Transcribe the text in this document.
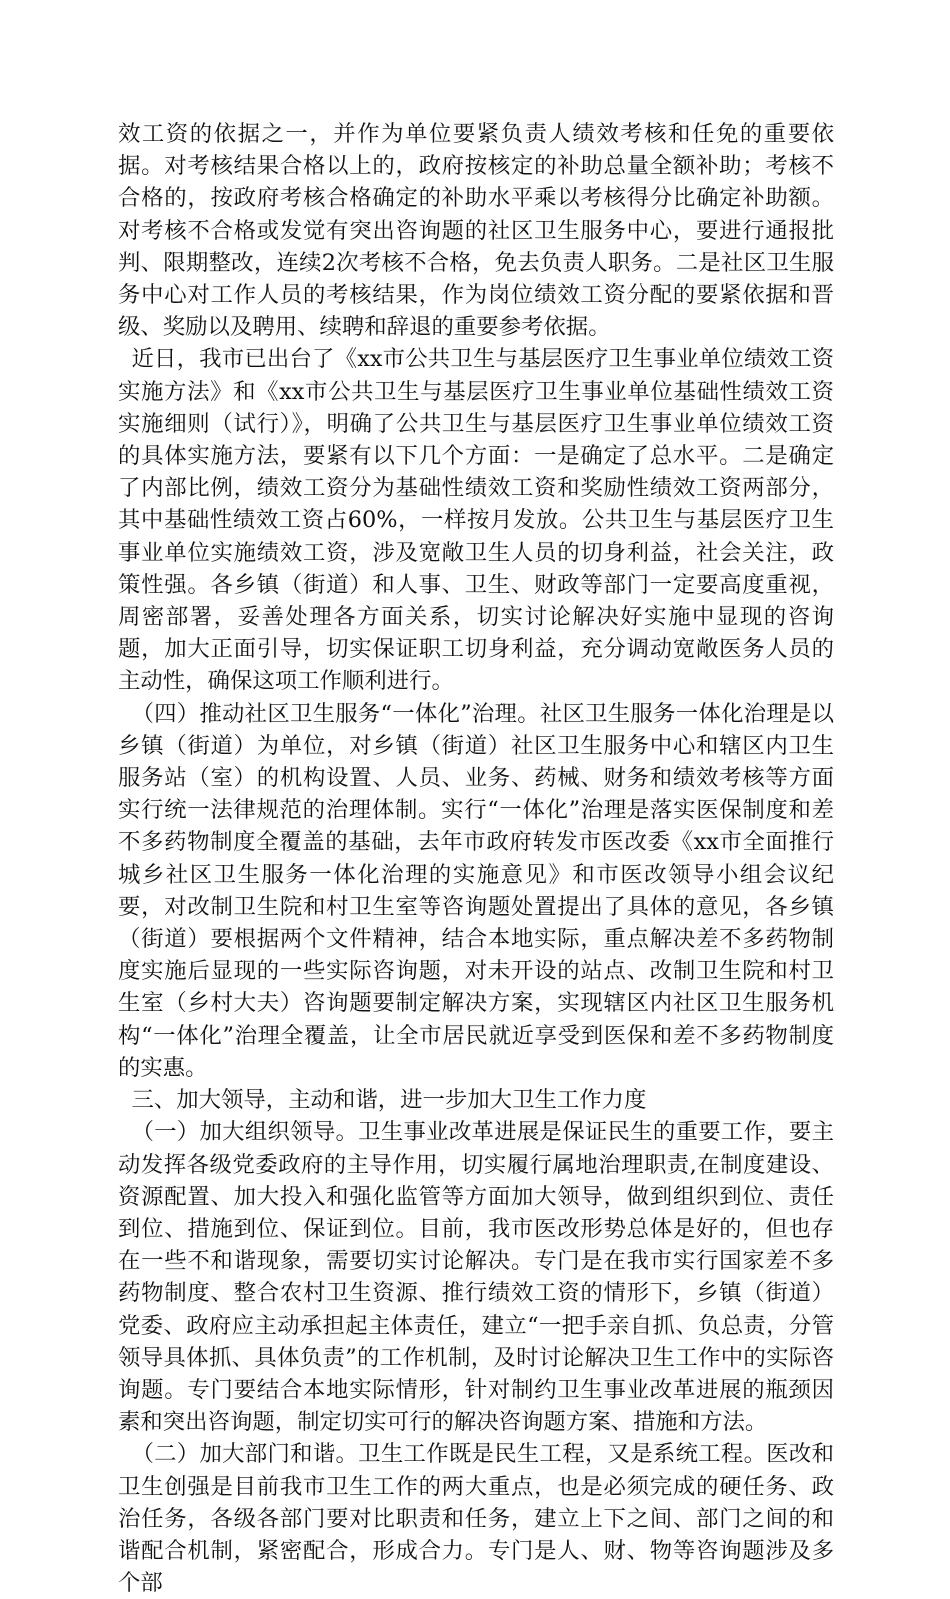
效工资的依据之一，并作为单位要紧负责人绩效考核和任免的重要依据。对考核结果合格以上的，政府按核定的补助总量全额补助；考核不合格的，按政府考核合格确定的补助水平乘以考核得分比确定补助额。对考核不合格或发觉有突出咨询题的社区卫生服务中心，要进行通报批判、限期整改，连续2次考核不合格，免去负责人职务。二是社区卫生服务中心对工作人员的考核结果，作为岗位绩效工资分配的要紧依据和晋级、奖励以及聘用、续聘和辞退的重要参考依据。

近日，我市已出台了《xx市公共卫生与基层医疗卫生事业单位绩效工资实施方法》和《xx市公共卫生与基层医疗卫生事业单位基础性绩效工资实施细则（试行）》，明确了公共卫生与基层医疗卫生事业单位绩效工资的具体实施方法，要紧有以下几个方面：一是确定了总水平。二是确定了内部比例，绩效工资分为基础性绩效工资和奖励性绩效工资两部分，其中基础性绩效工资占60%，一样按月发放。公共卫生与基层医疗卫生事业单位实施绩效工资，涉及宽敞卫生人员的切身利益，社会关注，政策性强。各乡镇（街道）和人事、卫生、财政等部门一定要高度重视，周密部署，妥善处理各方面关系，切实讨论解决好实施中显现的咨询题，加大正面引导，切实保证职工切身利益，充分调动宽敞医务人员的主动性，确保这项工作顺利进行。

（四）推动社区卫生服务“一体化”治理。社区卫生服务一体化治理是以乡镇（街道）为单位，对乡镇（街道）社区卫生服务中心和辖区内卫生服务站（室）的机构设置、人员、业务、药械、财务和绩效考核等方面实行统一法律规范的治理体制。实行“一体化”治理是落实医保制度和差不多药物制度全覆盖的基础，去年市政府转发市医改委《xx市全面推行城乡社区卫生服务一体化治理的实施意见》和市医改领导小组会议纪要，对改制卫生院和村卫生室等咨询题处置提出了具体的意见，各乡镇（街道）要根据两个文件精神，结合本地实际，重点解决差不多药物制度实施后显现的一些实际咨询题，对未开设的站点、改制卫生院和村卫生室（乡村大夫）咨询题要制定解决方案，实现辖区内社区卫生服务机构“一体化”治理全覆盖，让全市居民就近享受到医保和差不多药物制度的实惠。

三、加大领导，主动和谐，进一步加大卫生工作力度

（一）加大组织领导。卫生事业改革进展是保证民生的重要工作，要主动发挥各级党委政府的主导作用，切实履行属地治理职责,在制度建设、资源配置、加大投入和强化监管等方面加大领导，做到组织到位、责任到位、措施到位、保证到位。目前，我市医改形势总体是好的，但也存在一些不和谐现象，需要切实讨论解决。专门是在我市实行国家差不多药物制度、整合农村卫生资源、推行绩效工资的情形下，乡镇（街道）党委、政府应主动承担起主体责任，建立“一把手亲自抓、负总责，分管领导具体抓、具体负责”的工作机制，及时讨论解决卫生工作中的实际咨询题。专门要结合本地实际情形，针对制约卫生事业改革进展的瓶颈因素和突出咨询题，制定切实可行的解决咨询题方案、措施和方法。

（二）加大部门和谐。卫生工作既是民生工程，又是系统工程。医改和卫生创强是目前我市卫生工作的两大重点，也是必须完成的硬任务、政治任务，各级各部门要对比职责和任务，建立上下之间、部门之间的和谐配合机制，紧密配合，形成合力。专门是人、财、物等咨询题涉及多个部
